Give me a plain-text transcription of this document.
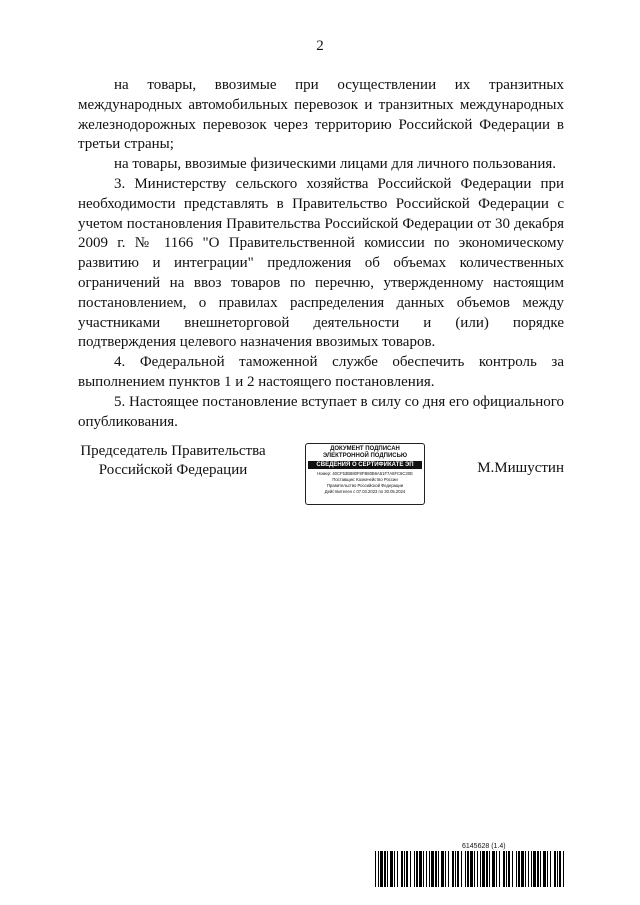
2

на товары, ввозимые при осуществлении их транзитных международных автомобильных перевозок и транзитных международных железнодорожных перевозок через территорию Российской Федерации в третьи страны;

на товары, ввозимые физическими лицами для личного пользования.

3. Министерству сельского хозяйства Российской Федерации при необходимости представлять в Правительство Российской Федерации с учетом постановления Правительства Российской Федерации от 30 декабря 2009 г. № 1166 "О Правительственной комиссии по экономическому развитию и интеграции" предложения об объемах количественных ограничений на ввоз товаров по перечню, утвержденному настоящим постановлением, о правилах распределения данных объемов между участниками внешнеторговой деятельности и (или) порядке подтверждения целевого назначения ввозимых товаров.

4. Федеральной таможенной службе обеспечить контроль за выполнением пунктов 1 и 2 настоящего постановления.

5. Настоящее постановление вступает в силу со дня его официального опубликования.

Председатель Правительства
Российской Федерации
ДОКУМЕНТ ПОДПИСАН
ЭЛЕКТРОННОЙ ПОДПИСЬЮ
СВЕДЕНИЯ О СЕРТИФИКАТЕ ЭП
Номер: 40CF53B880F8FB80B6A51F7A6FC6C30E
Поставщик: Казначейство России
Правительство Российской Федерации
Действителен с 07.03.2023 по 30.05.2024
М.Мишустин
6145628 (1.4)
